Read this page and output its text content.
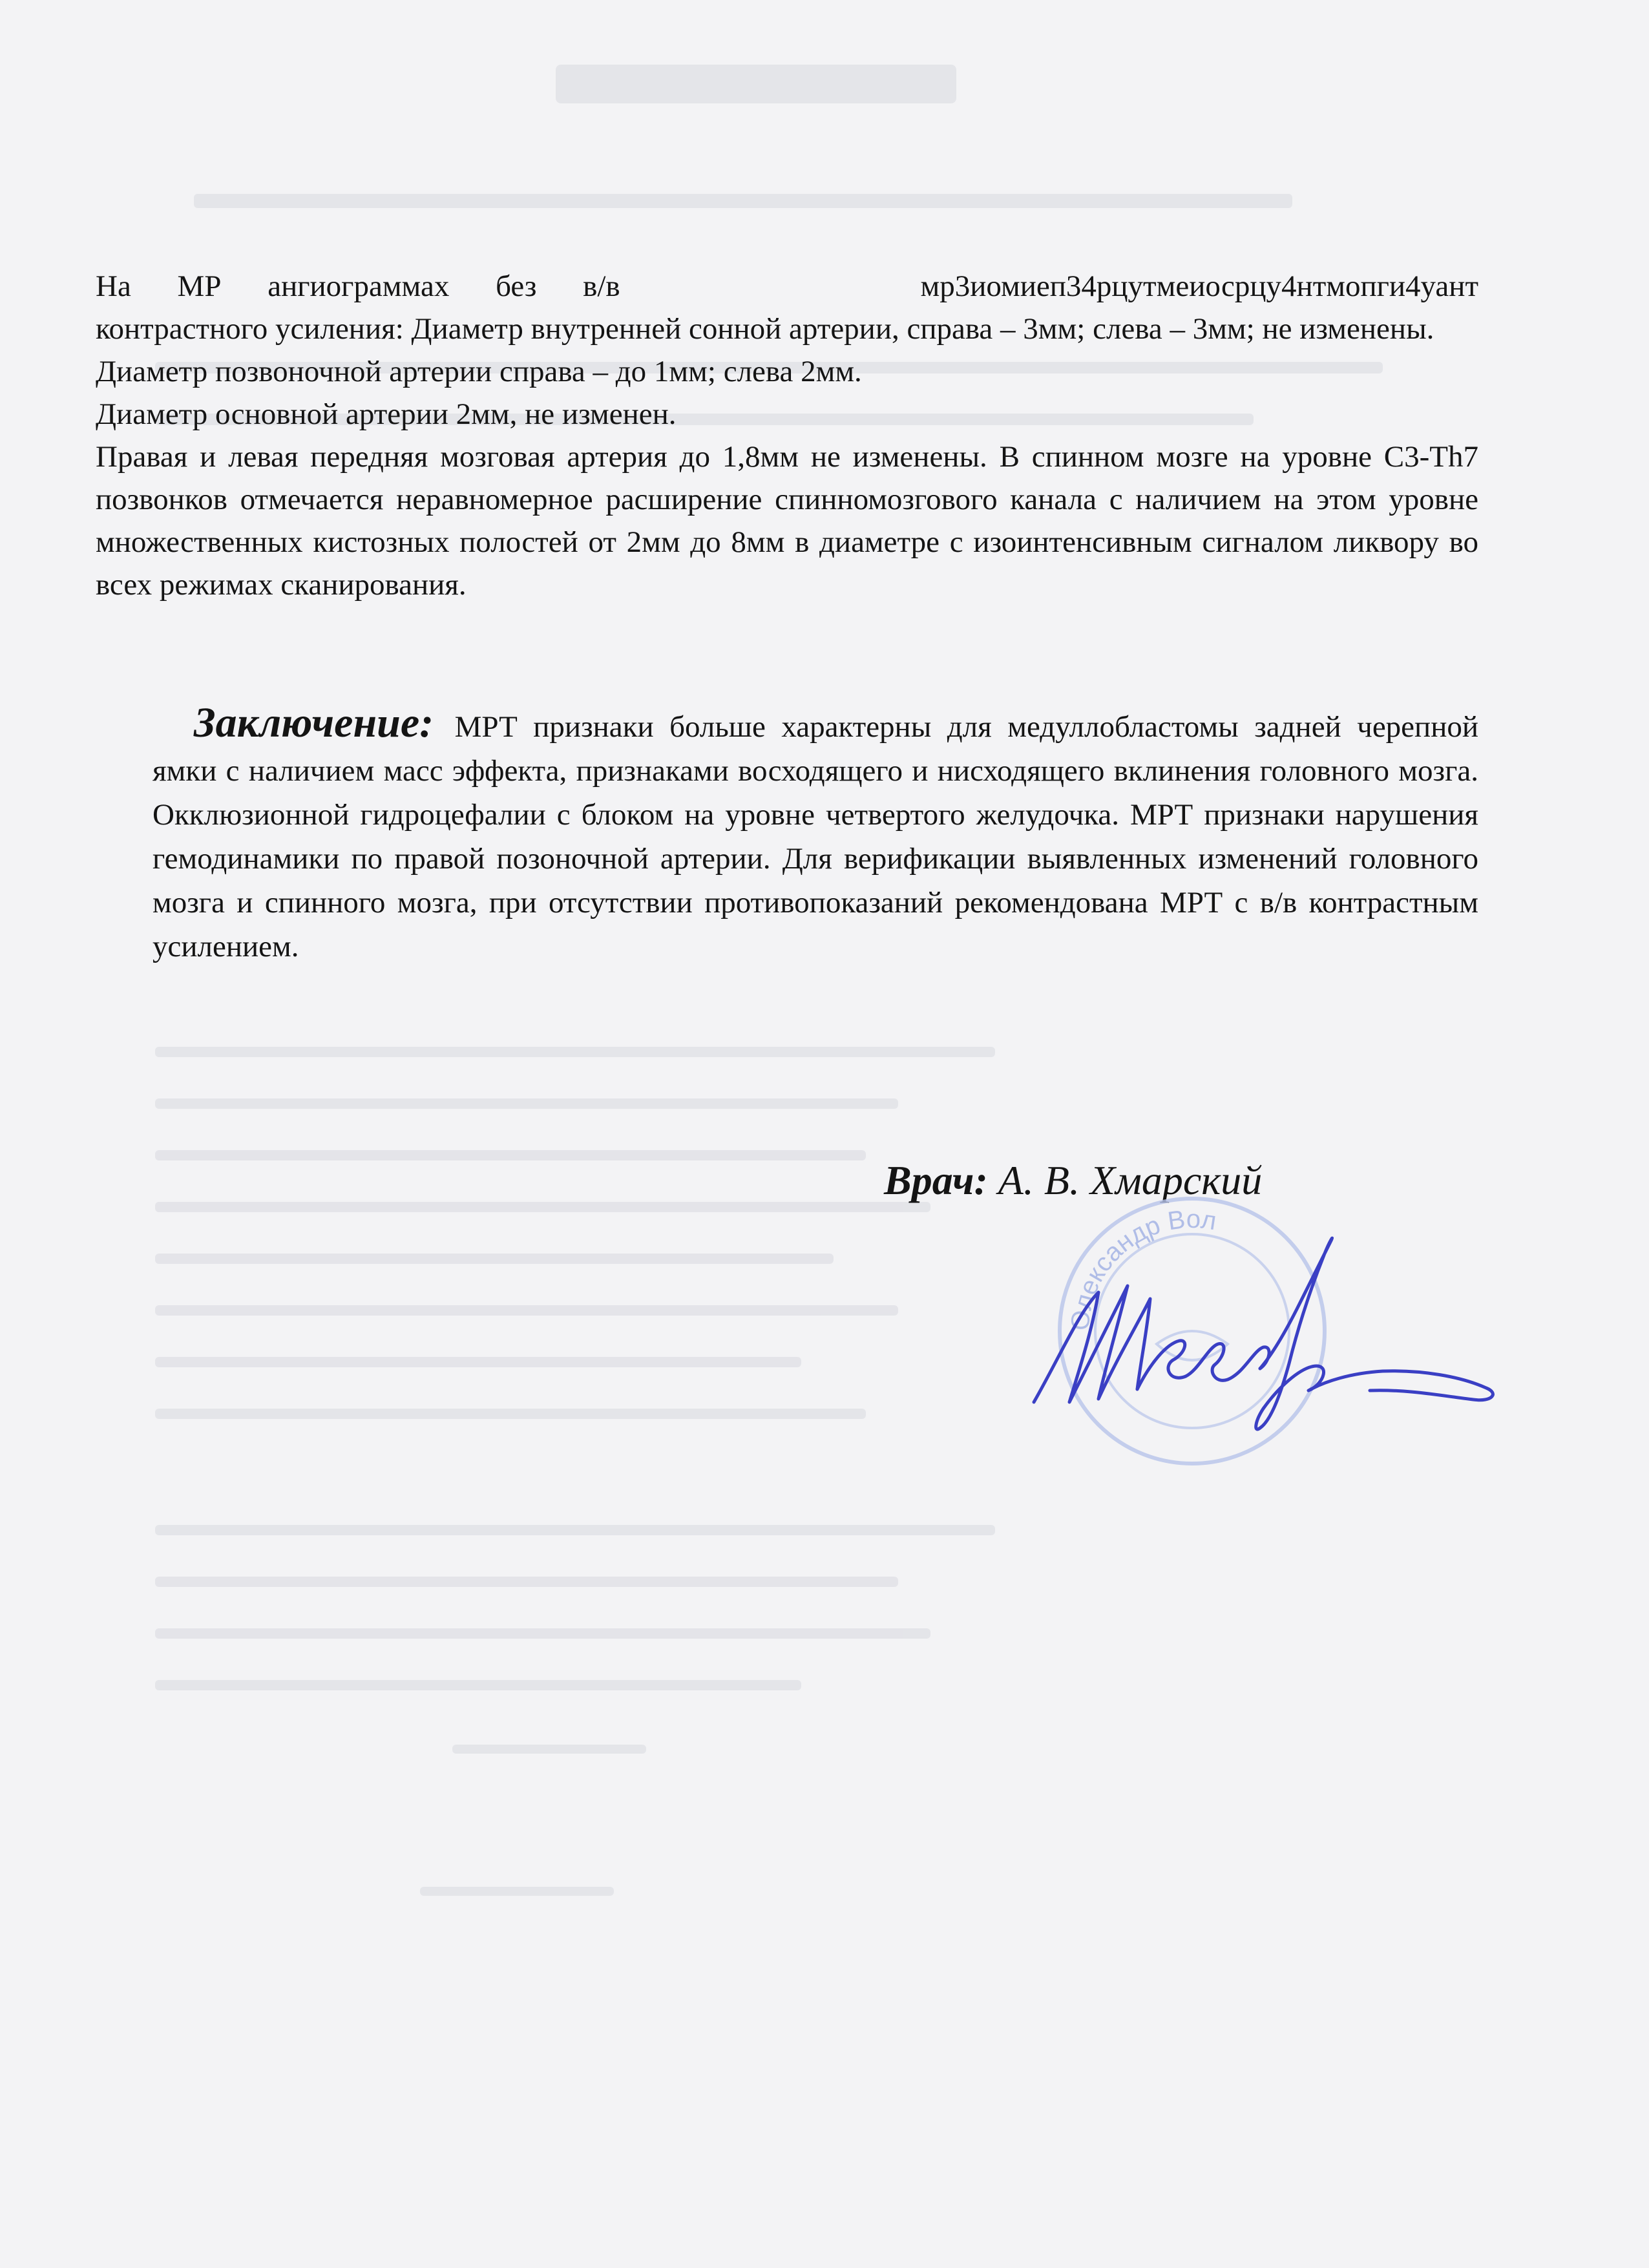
На МР ангиограммах без в/в	мр3иомиеп34рцутмеиосрцу4нтмопги4уант
контрастного усиления: Диаметр внутренней сонной артерии, справа – 3мм; слева – 3мм; не изменены.

Диаметр позвоночной артерии справа – до 1мм; слева 2мм.

Диаметр основной артерии 2мм, не изменен.

Правая и левая передняя мозговая артерия до 1,8мм не изменены. В спинном мозге на уровне С3-Th7 позвонков отмечается неравномерное расширение спинномозгового канала с наличием на этом уровне множественных кистозных полостей от 2мм до 8мм в диаметре с изоинтенсивным сигналом ликвору во всех режимах сканирования.

Заключение: МРТ признаки больше характерны для медуллобластомы задней черепной ямки с наличием масс эффекта, признаками восходящего и нисходящего вклинения головного мозга. Окклюзионной гидроцефалии с блоком на уровне четвертого желудочка. МРТ признаки нарушения гемодинамики по правой позоночной артерии. Для верификации выявленных изменений головного мозга и спинного мозга, при отсутствии противопоказаний рекомендована МРТ с в/в контрастным усилением.
Врач: А. В. Хмарский
Олександр Вол
